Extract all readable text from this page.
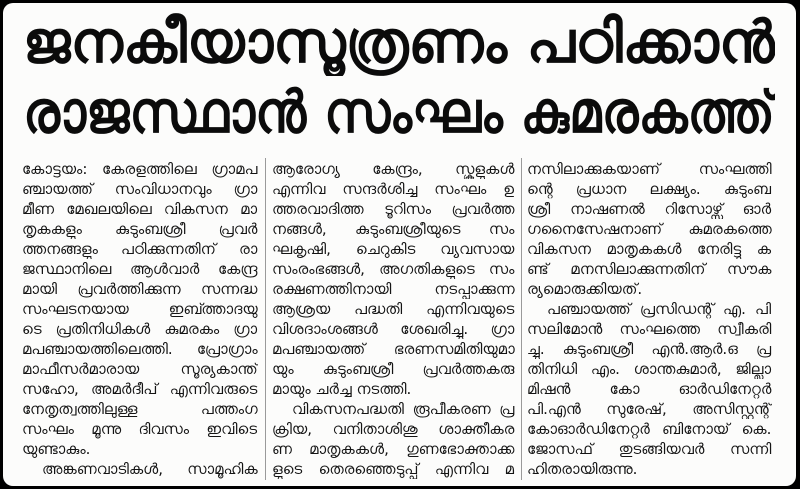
ജനകീയാസൂത്രണം പഠിക്കാൻ
രാജസ്ഥാൻ സംഘം കുമരകത്ത്
കോട്ടയം: കേരളത്തിലെ ഗ്രാമപ
ഞ്ചായത്ത് സംവിധാനവും ഗ്രാ
മീണ മേഖലയിലെ വികസന മാ
തൃകകളും കുടുംബശ്രീ പ്രവർ
ത്തനങ്ങളും പഠിക്കുന്നതിന് രാ
ജസ്ഥാനിലെ ആൾവാർ കേന്ദ്ര
മായി പ്രവർത്തിക്കുന്ന സന്നദ്ധ
സംഘടനയായ ഇബ്ത്താദയു
ടെ പ്രതിനിധികൾ കുമരകം ഗ്രാ
മപഞ്ചായത്തിലെത്തി. പ്രോഗ്രാം
മാഫീസർമാരായ സൂര്യകാന്ത്
സഹോ, അമർദീപ് എന്നിവരുടെ
നേതൃത്വത്തിലുള്ള പത്തംഗ
സംഘം മൂന്നു ദിവസം ഇവിടെ
യുണ്ടാകും.
അങ്കണവാടികൾ, സാമൂഹിക
ആരോഗ്യ കേന്ദ്രം, സ്കൂളുകൾ
എന്നിവ സന്ദർശിച്ച സംഘം ഉ
ത്തരവാദിത്ത ടൂറിസം പ്രവർത്ത
നങ്ങൾ, കുടുംബശ്രീയുടെ സം
ഘകൃഷി, ചെറുകിട വ്യവസായ
സംരംഭങ്ങൾ, അഗതികളുടെ സം
രക്ഷണത്തിനായി നടപ്പാക്കുന്ന
ആശ്രയ പദ്ധതി എന്നിവയുടെ
വിശദാംശങ്ങൾ ശേഖരിച്ചു. ഗ്രാ
മപഞ്ചായത്ത് ഭരണസമിതിയുമാ
യും കുടുംബശ്രീ പ്രവർത്തകരു
മായും ചർച്ച നടത്തി.
വികസനപദ്ധതി രൂപീകരണ പ്ര
ക്രിയ, വനിതാശിശു ശാക്തീകര
ണ മാതൃകകൾ, ഗുണഭോക്താക്ക
ളുടെ തെരഞ്ഞെടുപ്പ് എന്നിവ മ
നസിലാക്കുകയാണ് സംഘത്തി
ന്റെ പ്രധാന ലക്ഷ്യം. കുടുംബ
ശ്രീ നാഷണൽ റിസോഴ്സ് ഓർ
ഗനൈസേഷനാണ് കുമരകത്തെ
വികസന മാതൃകകൾ നേരിട്ടു ക
ണ്ട് മനസിലാക്കുന്നതിന് സൗക
ര്യമൊരുക്കിയത്.
പഞ്ചായത്ത് പ്രസിഡന്റ് എ. പി
സലിമോൻ സംഘത്തെ സ്വീകരി
ച്ചു. കുടുംബശ്രീ എൻ.ആർ.ഒ പ്ര
തിനിധി എം. ശാന്തകുമാർ, ജില്ലാ
മിഷൻ കോ ഓർഡിനേറ്റർ
പി.എൻ സുരേഷ്, അസിസ്റ്റന്റ്
കോഓർഡിനേറ്റർ ബിനോയ് കെ.
ജോസഫ് തുടങ്ങിയവർ സന്നി
ഹിതരായിരുന്നു.
